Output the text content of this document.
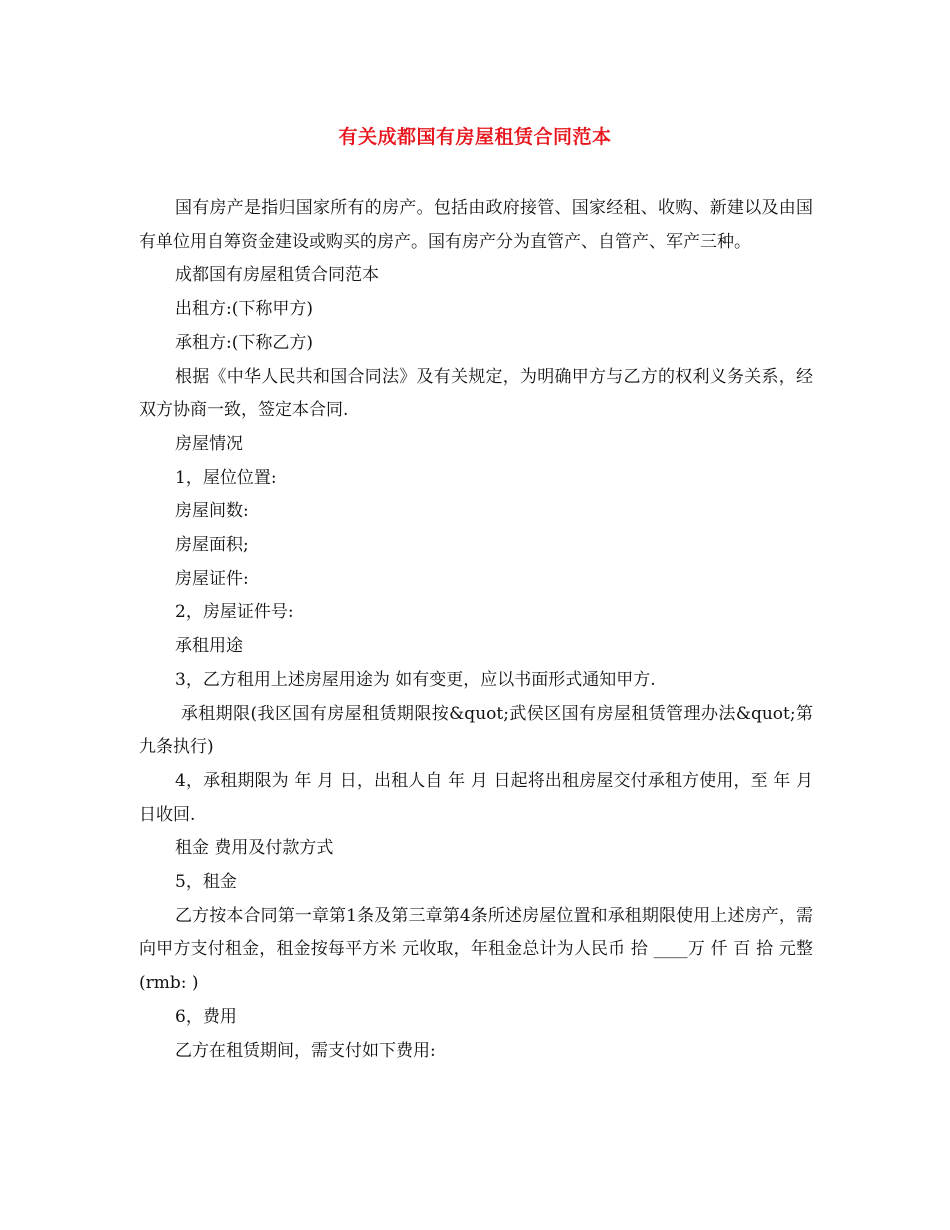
有关成都国有房屋租赁合同范本

国有房产是指归国家所有的房产。包括由政府接管、国家经租、收购、新建以及由国有单位用自筹资金建设或购买的房产。国有房产分为直管产、自管产、军产三种。

成都国有房屋租赁合同范本

出租方:(下称甲方)

承租方:(下称乙方)

根据《中华人民共和国合同法》及有关规定，为明确甲方与乙方的权利义务关系，经双方协商一致，签定本合同.

房屋情况

1，屋位位置:

房屋间数:

房屋面积;

房屋证件:

2，房屋证件号:

承租用途

3，乙方租用上述房屋用途为 如有变更，应以书面形式通知甲方.

承租期限(我区国有房屋租赁期限按&quot;武侯区国有房屋租赁管理办法&quot;第九条执行)

4，承租期限为 年 月 日，出租人自 年 月 日起将出租房屋交付承租方使用，至 年 月 日收回.

租金 费用及付款方式

5，租金

乙方按本合同第一章第1条及第三章第4条所述房屋位置和承租期限使用上述房产，需向甲方支付租金，租金按每平方米 元收取，年租金总计为人民币 拾 ____万 仟 百 拾 元整(rmb: )

6，费用

乙方在租赁期间，需支付如下费用:
